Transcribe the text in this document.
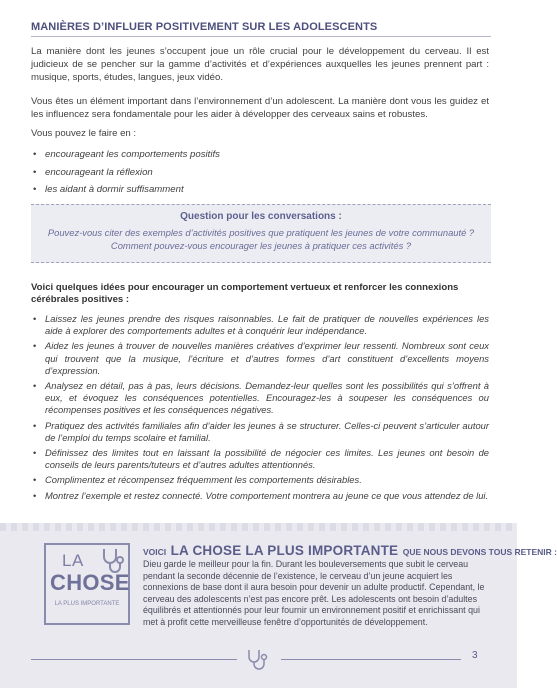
MANIÈRES D’INFLUER POSITIVEMENT SUR LES ADOLESCENTS
La manière dont les jeunes s’occupent joue un rôle crucial pour le développement du cerveau. Il est judicieux de se pencher sur la gamme d’activités et d’expériences auxquelles les jeunes prennent part : musique, sports, études, langues, jeux vidéo.
Vous êtes un élément important dans l’environnement d’un adolescent. La manière dont vous les guidez et les influencez sera fondamentale pour les aider à développer des cerveaux sains et robustes.
Vous pouvez le faire en :
• encourageant les comportements positifs
• encourageant la réflexion
• les aidant à dormir suffisamment
Question pour les conversations :
Pouvez-vous citer des exemples d’activités positives que pratiquent les jeunes de votre communauté ?
Comment pouvez-vous encourager les jeunes à pratiquer ces activités ?
Voici quelques idées pour encourager un comportement vertueux et renforcer les connexions cérébrales positives :
• Laissez les jeunes prendre des risques raisonnables. Le fait de pratiquer de nouvelles expériences les aide à explorer des comportements adultes et à conquérir leur indépendance.
• Aidez les jeunes à trouver de nouvelles manières créatives d’exprimer leur ressenti. Nombreux sont ceux qui trouvent que la musique, l’écriture et d’autres formes d’art constituent d’excellents moyens d’expression.
• Analysez en détail, pas à pas, leurs décisions. Demandez-leur quelles sont les possibilités qui s’offrent à eux, et évoquez les conséquences potentielles. Encouragez-les à soupeser les conséquences ou récompenses positives et les conséquences négatives.
• Pratiquez des activités familiales afin d’aider les jeunes à se structurer. Celles-ci peuvent s’articuler autour de l’emploi du temps scolaire et familial.
• Définissez des limites tout en laissant la possibilité de négocier ces limites. Les jeunes ont besoin de conseils de leurs parents/tuteurs et d’autres adultes attentionnés.
• Complimentez et récompensez fréquemment les comportements désirables.
• Montrez l’exemple et restez connecté. Votre comportement montrera au jeune ce que vous attendez de lui.
LA
CHOSE
LA PLUS IMPORTANTE
VOICI LA CHOSE LA PLUS IMPORTANTE QUE NOUS DEVONS TOUS RETENIR :
Dieu garde le meilleur pour la fin. Durant les bouleversements que subit le cerveau pendant la seconde décennie de l’existence, le cerveau d’un jeune acquiert les connexions de base dont il aura besoin pour devenir un adulte productif. Cependant, le cerveau des adolescents n’est pas encore prêt. Les adolescents ont besoin d’adultes équilibrés et attentionnés pour leur fournir un environnement positif et enrichissant qui met à profit cette merveilleuse fenêtre d’opportunités de développement.
3
